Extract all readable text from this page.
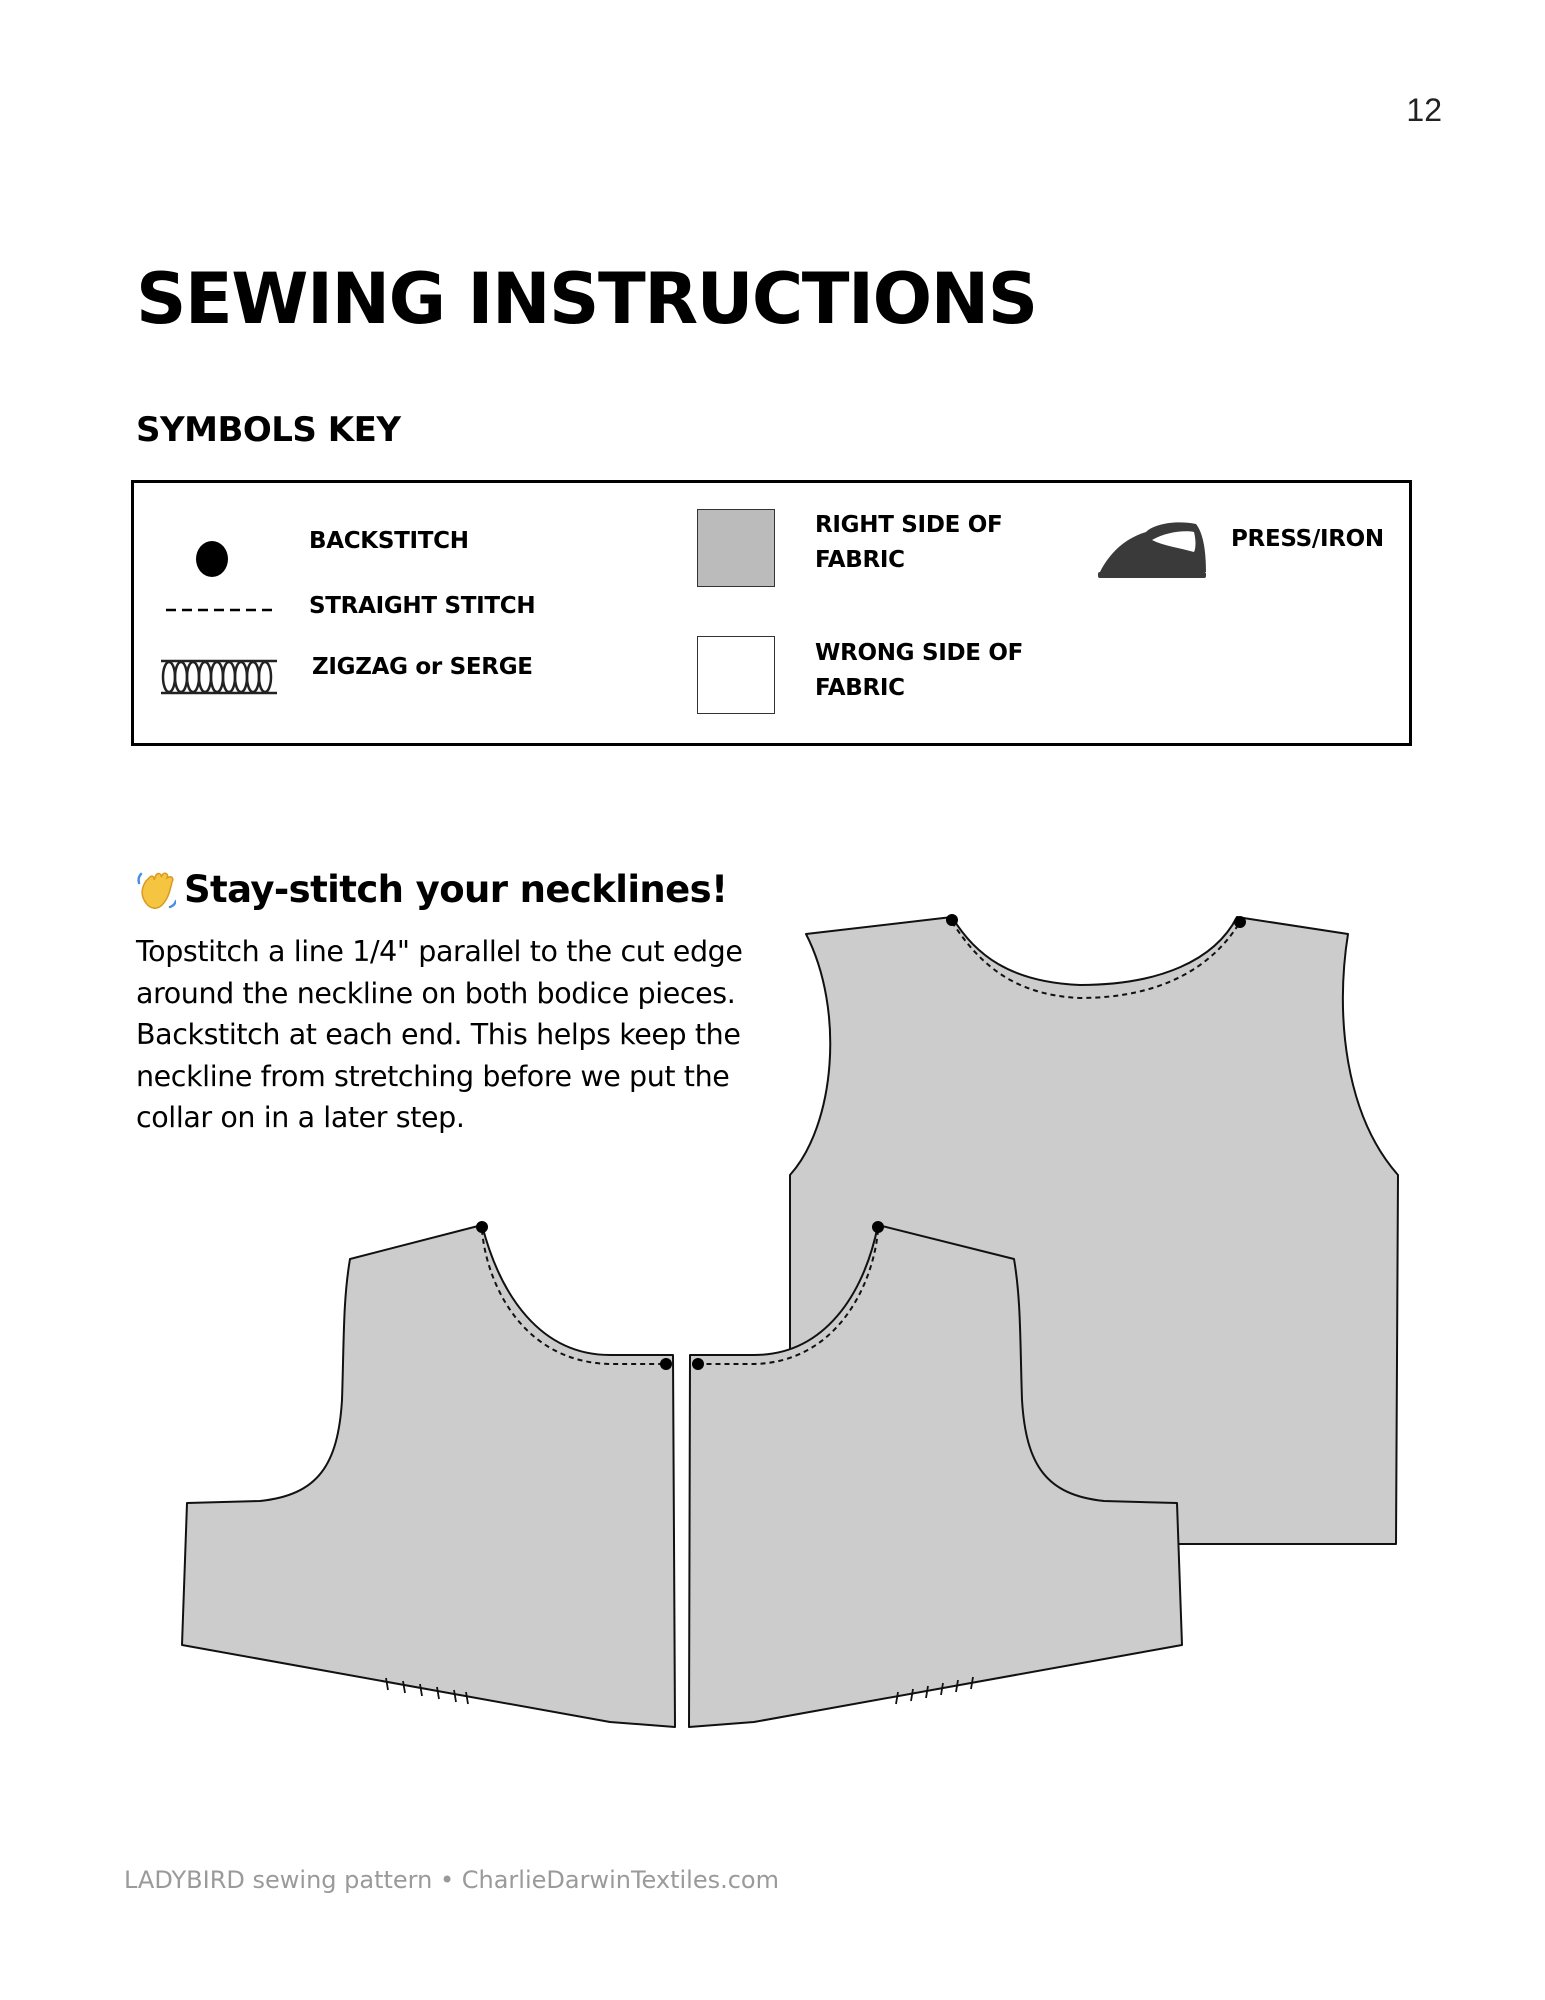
12
SEWING INSTRUCTIONS
SYMBOLS KEY
BACKSTITCH
STRAIGHT STITCH
ZIGZAG or SERGE
RIGHT SIDE OF
FABRIC
WRONG SIDE OF
FABRIC
PRESS/IRON
Stay-stitch your necklines!

Topstitch a line 1/4" parallel to the cut edge
around the neckline on both bodice pieces.
Backstitch at each end. This helps keep the
neckline from stretching before we put the
collar on in a later step.

LADYBIRD sewing pattern • CharlieDarwinTextiles.com
